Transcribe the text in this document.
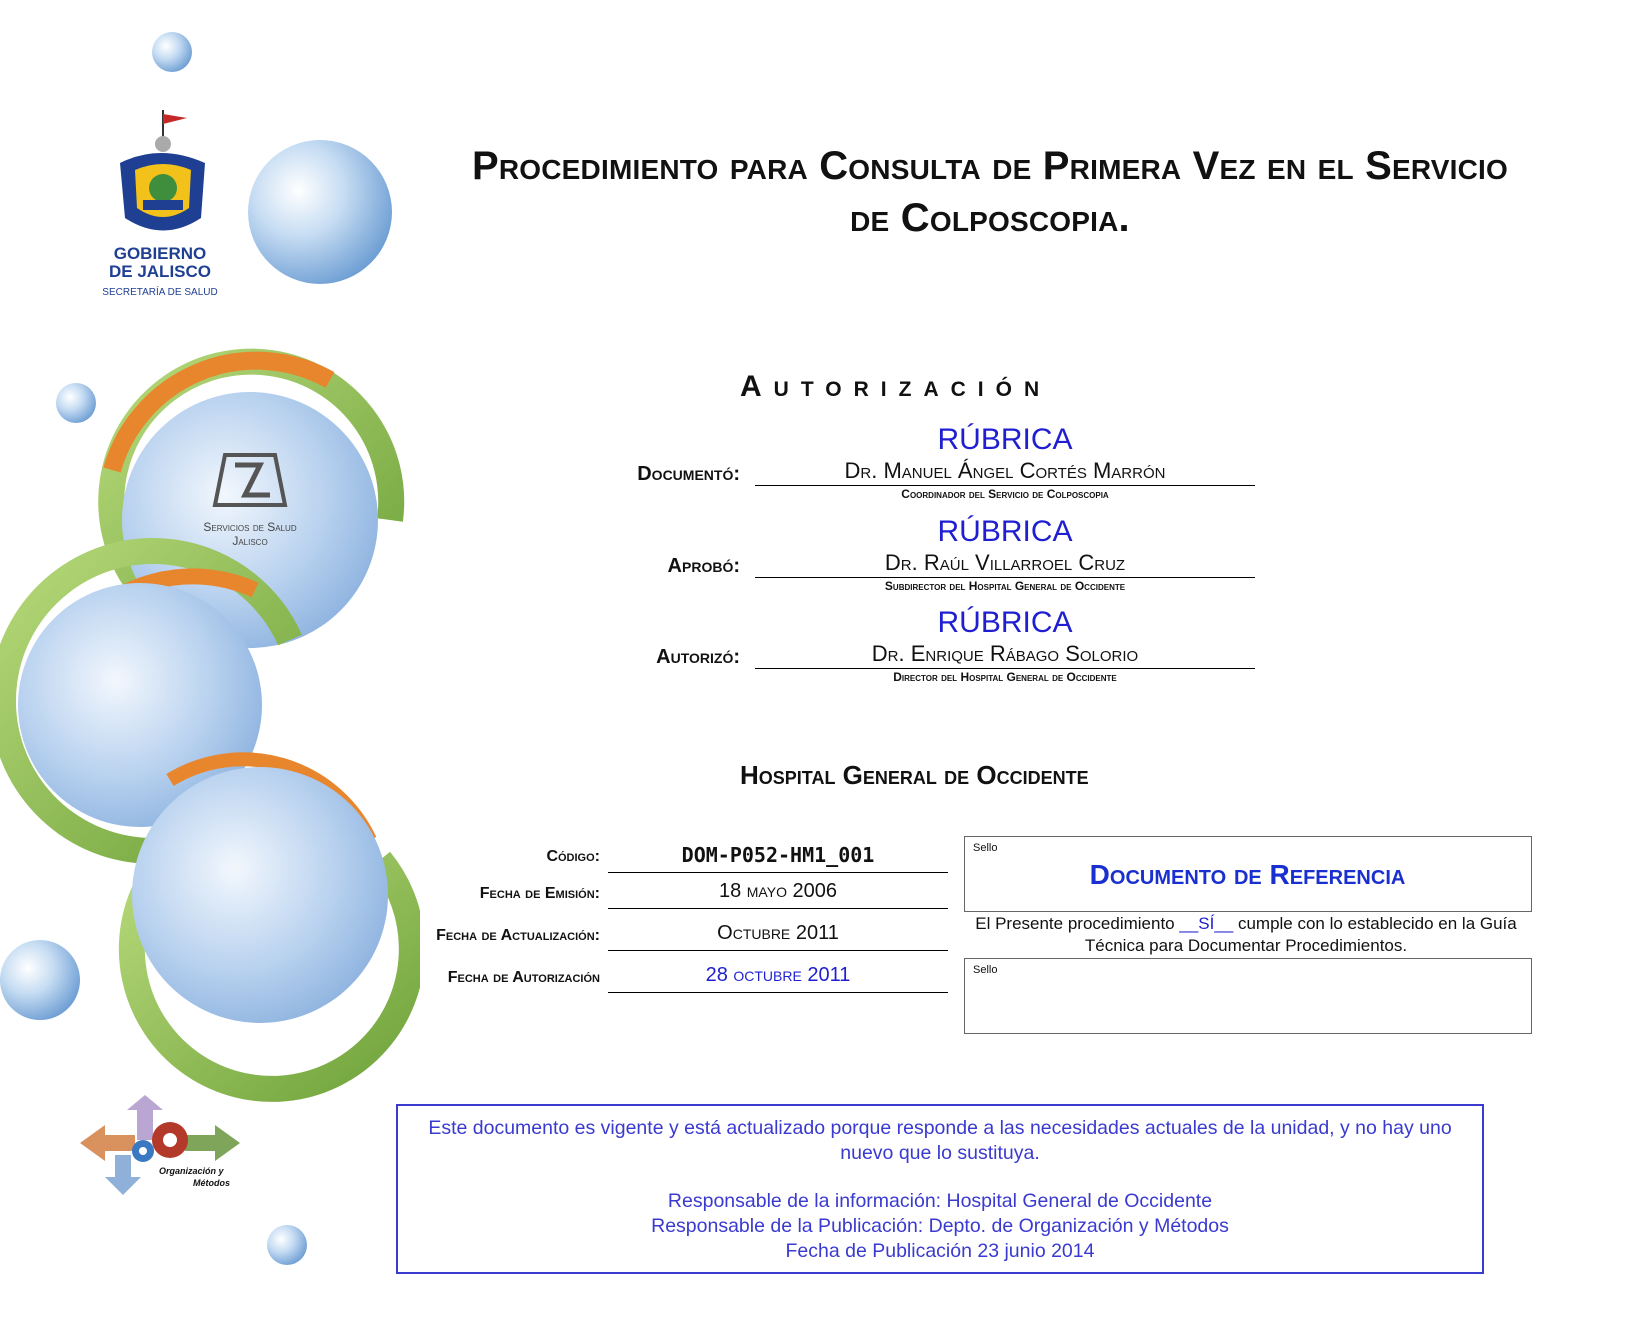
GOBIERNO
DE JALISCO
SECRETARÍA DE SALUD
Servicios de Salud
Jalisco
Organización y
Métodos
Procedimiento para Consulta de Primera Vez en el Servicio
de Colposcopia.
Autorización
Documentó:
RÚBRICA
Dr. Manuel Ángel Cortés Marrón
Coordinador del Servicio de Colposcopia
Aprobó:
RÚBRICA
Dr. Raúl Villarroel Cruz
Subdirector del Hospital General de Occidente
Autorizó:
RÚBRICA
Dr. Enrique Rábago Solorio
Director del Hospital General de Occidente
Hospital General de Occidente
Código:	DOM-P052-HM1_001
Fecha de Emisión:	18 mayo 2006
Fecha de Actualización:	Octubre 2011
Fecha de Autorización	28 octubre 2011
Sello
Documento de Referencia
El Presente procedimiento __SÍ__ cumple con lo establecido en la Guía Técnica para Documentar Procedimientos.
Sello
Este documento es vigente y está actualizado porque responde a las necesidades actuales de la unidad, y no hay uno nuevo que lo sustituya.
Responsable de la información: Hospital General de Occidente
Responsable de la Publicación: Depto. de Organización y Métodos
Fecha de Publicación 23 junio 2014
